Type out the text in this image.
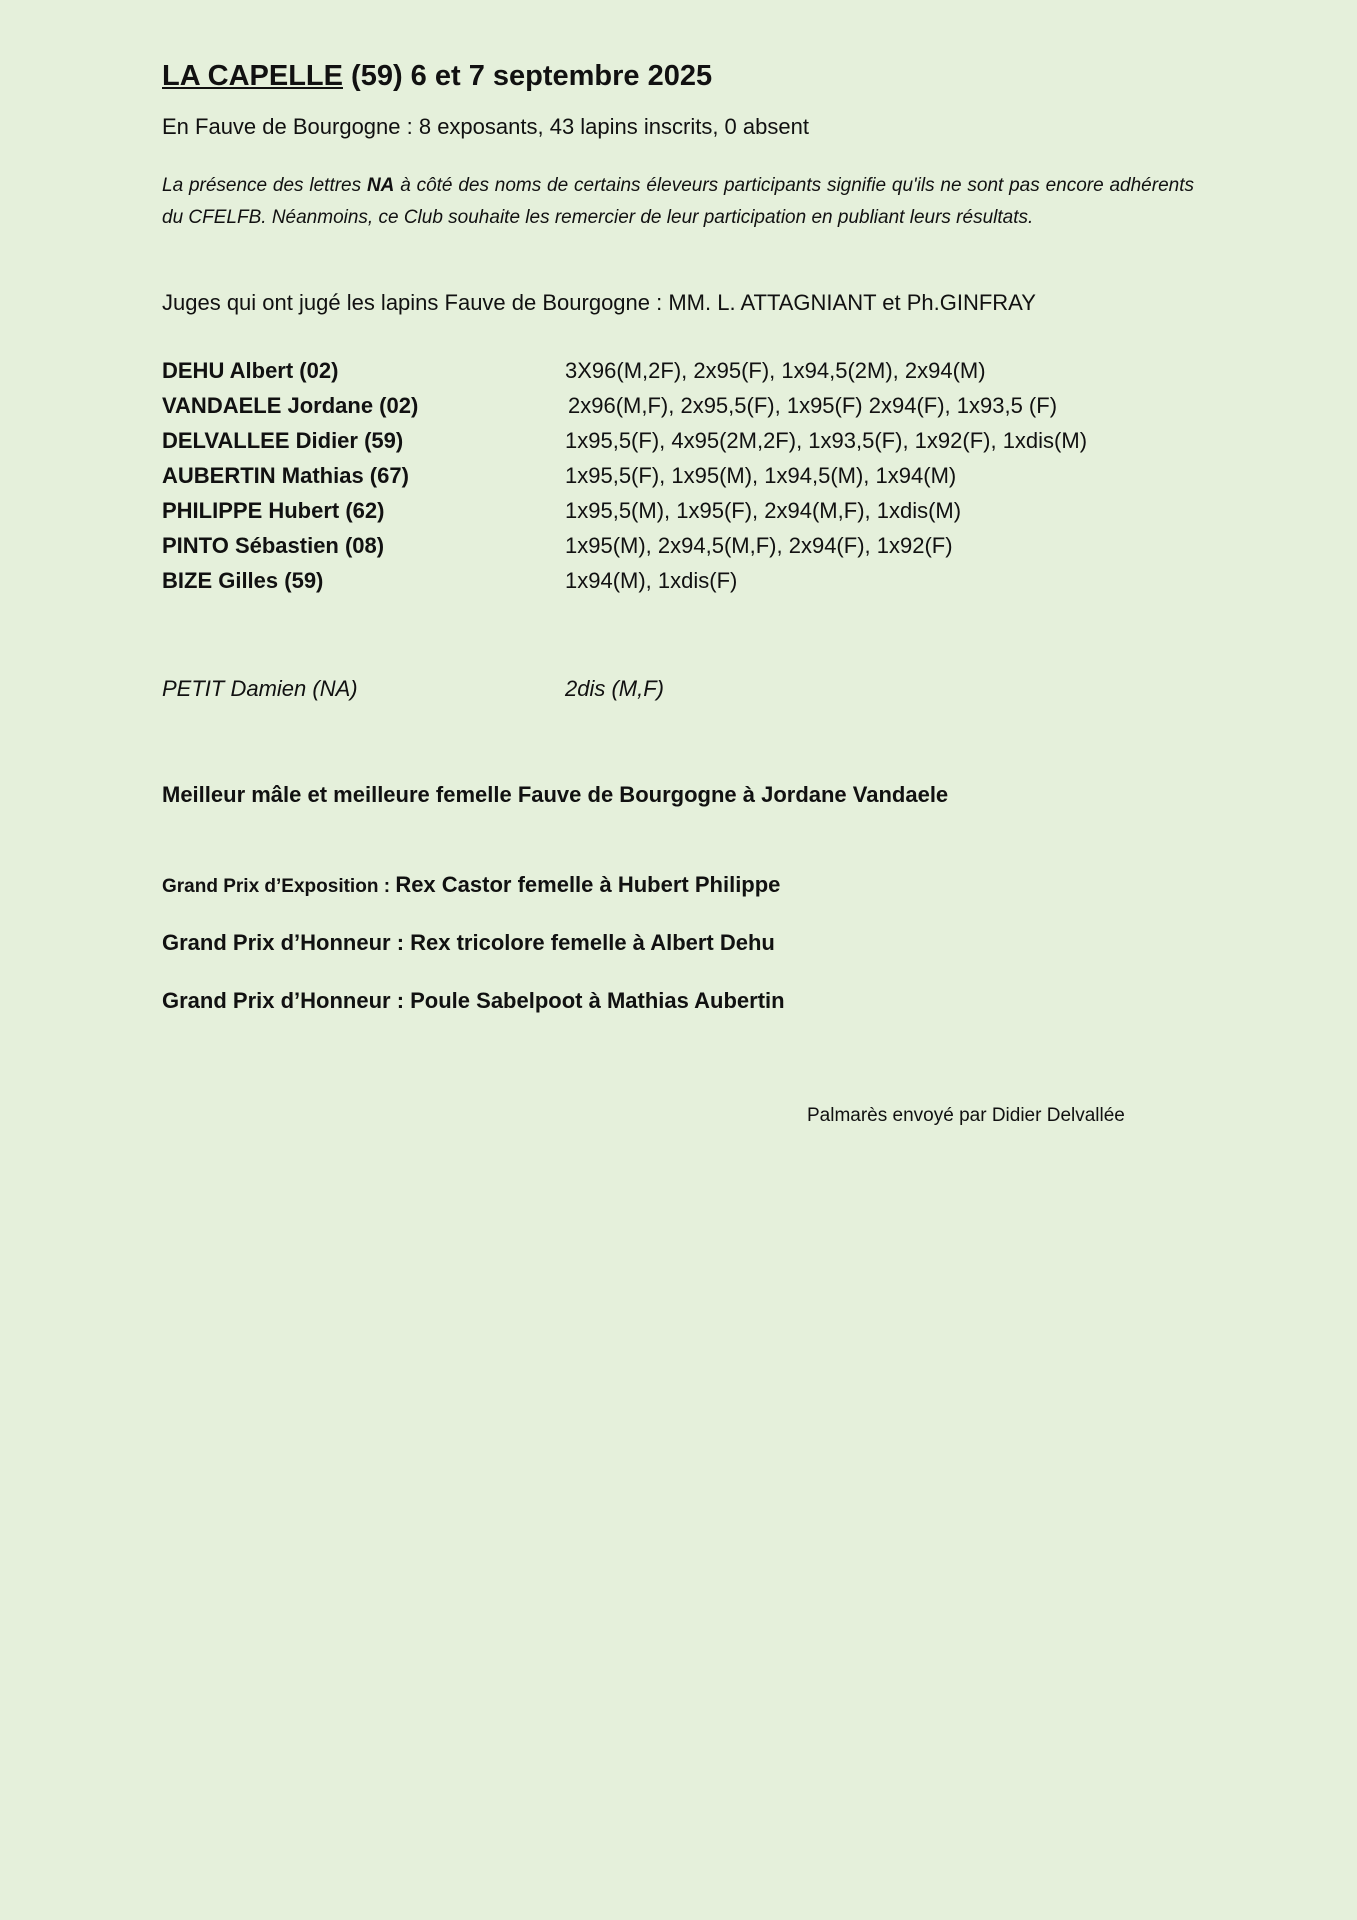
LA CAPELLE (59) 6 et 7 septembre 2025
En Fauve de Bourgogne : 8 exposants, 43 lapins inscrits, 0 absent
La présence des lettres NA à côté des noms de certains éleveurs participants signifie qu'ils ne sont pas encore adhérents du CFELFB. Néanmoins, ce Club souhaite les remercier de leur participation en publiant leurs résultats.
Juges qui ont jugé les lapins Fauve de Bourgogne : MM. L. ATTAGNIANT et Ph.GINFRAY
DEHU Albert (02)	3X96(M,2F), 2x95(F), 1x94,5(2M), 2x94(M)
VANDAELE Jordane (02)	2x96(M,F), 2x95,5(F), 1x95(F) 2x94(F), 1x93,5 (F)
DELVALLEE Didier (59)	1x95,5(F), 4x95(2M,2F), 1x93,5(F), 1x92(F), 1xdis(M)
AUBERTIN Mathias (67)	1x95,5(F), 1x95(M), 1x94,5(M), 1x94(M)
PHILIPPE Hubert (62)	1x95,5(M), 1x95(F), 2x94(M,F), 1xdis(M)
PINTO Sébastien (08)	1x95(M), 2x94,5(M,F), 2x94(F), 1x92(F)
BIZE Gilles (59)	1x94(M), 1xdis(F)
PETIT Damien (NA)	2dis (M,F)
Meilleur mâle et meilleure femelle Fauve de Bourgogne à Jordane Vandaele
Grand Prix d’Exposition : Rex Castor femelle à Hubert Philippe
Grand Prix d’Honneur : Rex tricolore femelle à Albert Dehu
Grand Prix d’Honneur : Poule Sabelpoot à Mathias Aubertin
Palmarès envoyé par Didier Delvallée
